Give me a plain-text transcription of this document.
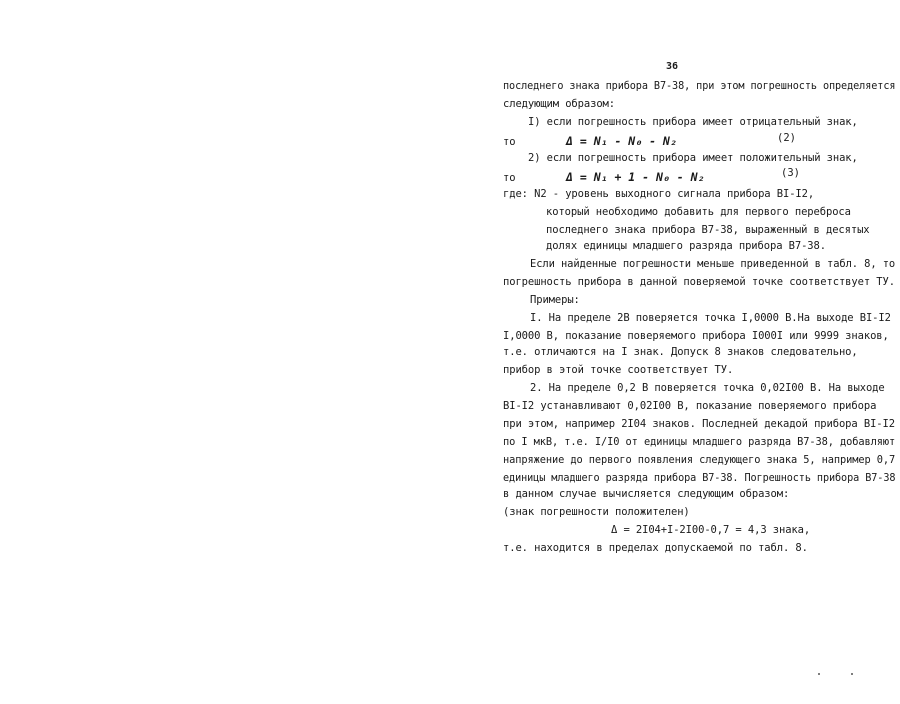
36
последнего знака прибора В7-38, при этом погрешность определяется
следующим образом:
I) если погрешность прибора имеет отрицательный знак,
то	Δ = N₁ - N₀ - N₂	(2)
2) если погрешность прибора имеет положительный знак,
то	Δ = N₁ + 1 - N₀ - N₂	(3)
где: N2 - уровень выходного сигнала прибора BI-I2,
который необходимо добавить для первого переброса
последнего знака прибора В7-38, выраженный в десятых
долях единицы младшего разряда прибора В7-38.
Если найденные погрешности меньше приведенной в табл. 8, то
погрешность прибора в данной поверяемой точке соответствует ТУ.
Примеры:
I. На пределе 2В поверяется точка I,0000 В.На выходе BI-I2
I,0000 В, показание поверяемого прибора I000I или 9999 знаков,
т.е. отличаются на I знак. Допуск 8 знаков следовательно,
прибор в этой точке соответствует ТУ.
2. На пределе 0,2 В поверяется точка 0,02I00 В. На выходе
BI-I2 устанавливают 0,02I00 В, показание поверяемого прибора
при этом, например 2I04 знаков. Последней декадой прибора BI-I2
по I мкВ, т.е. I/I0 от единицы младшего разряда В7-38, добавляют
напряжение до первого появления следующего знака 5, например 0,7
единицы младшего разряда прибора В7-38. Погрешность прибора В7-38
в данном случае вычисляется следующим образом:
(знак погрешности положителен)
Δ = 2I04+I-2I00-0,7 = 4,3 знака,
т.е. находится в пределах допускаемой по табл. 8.
